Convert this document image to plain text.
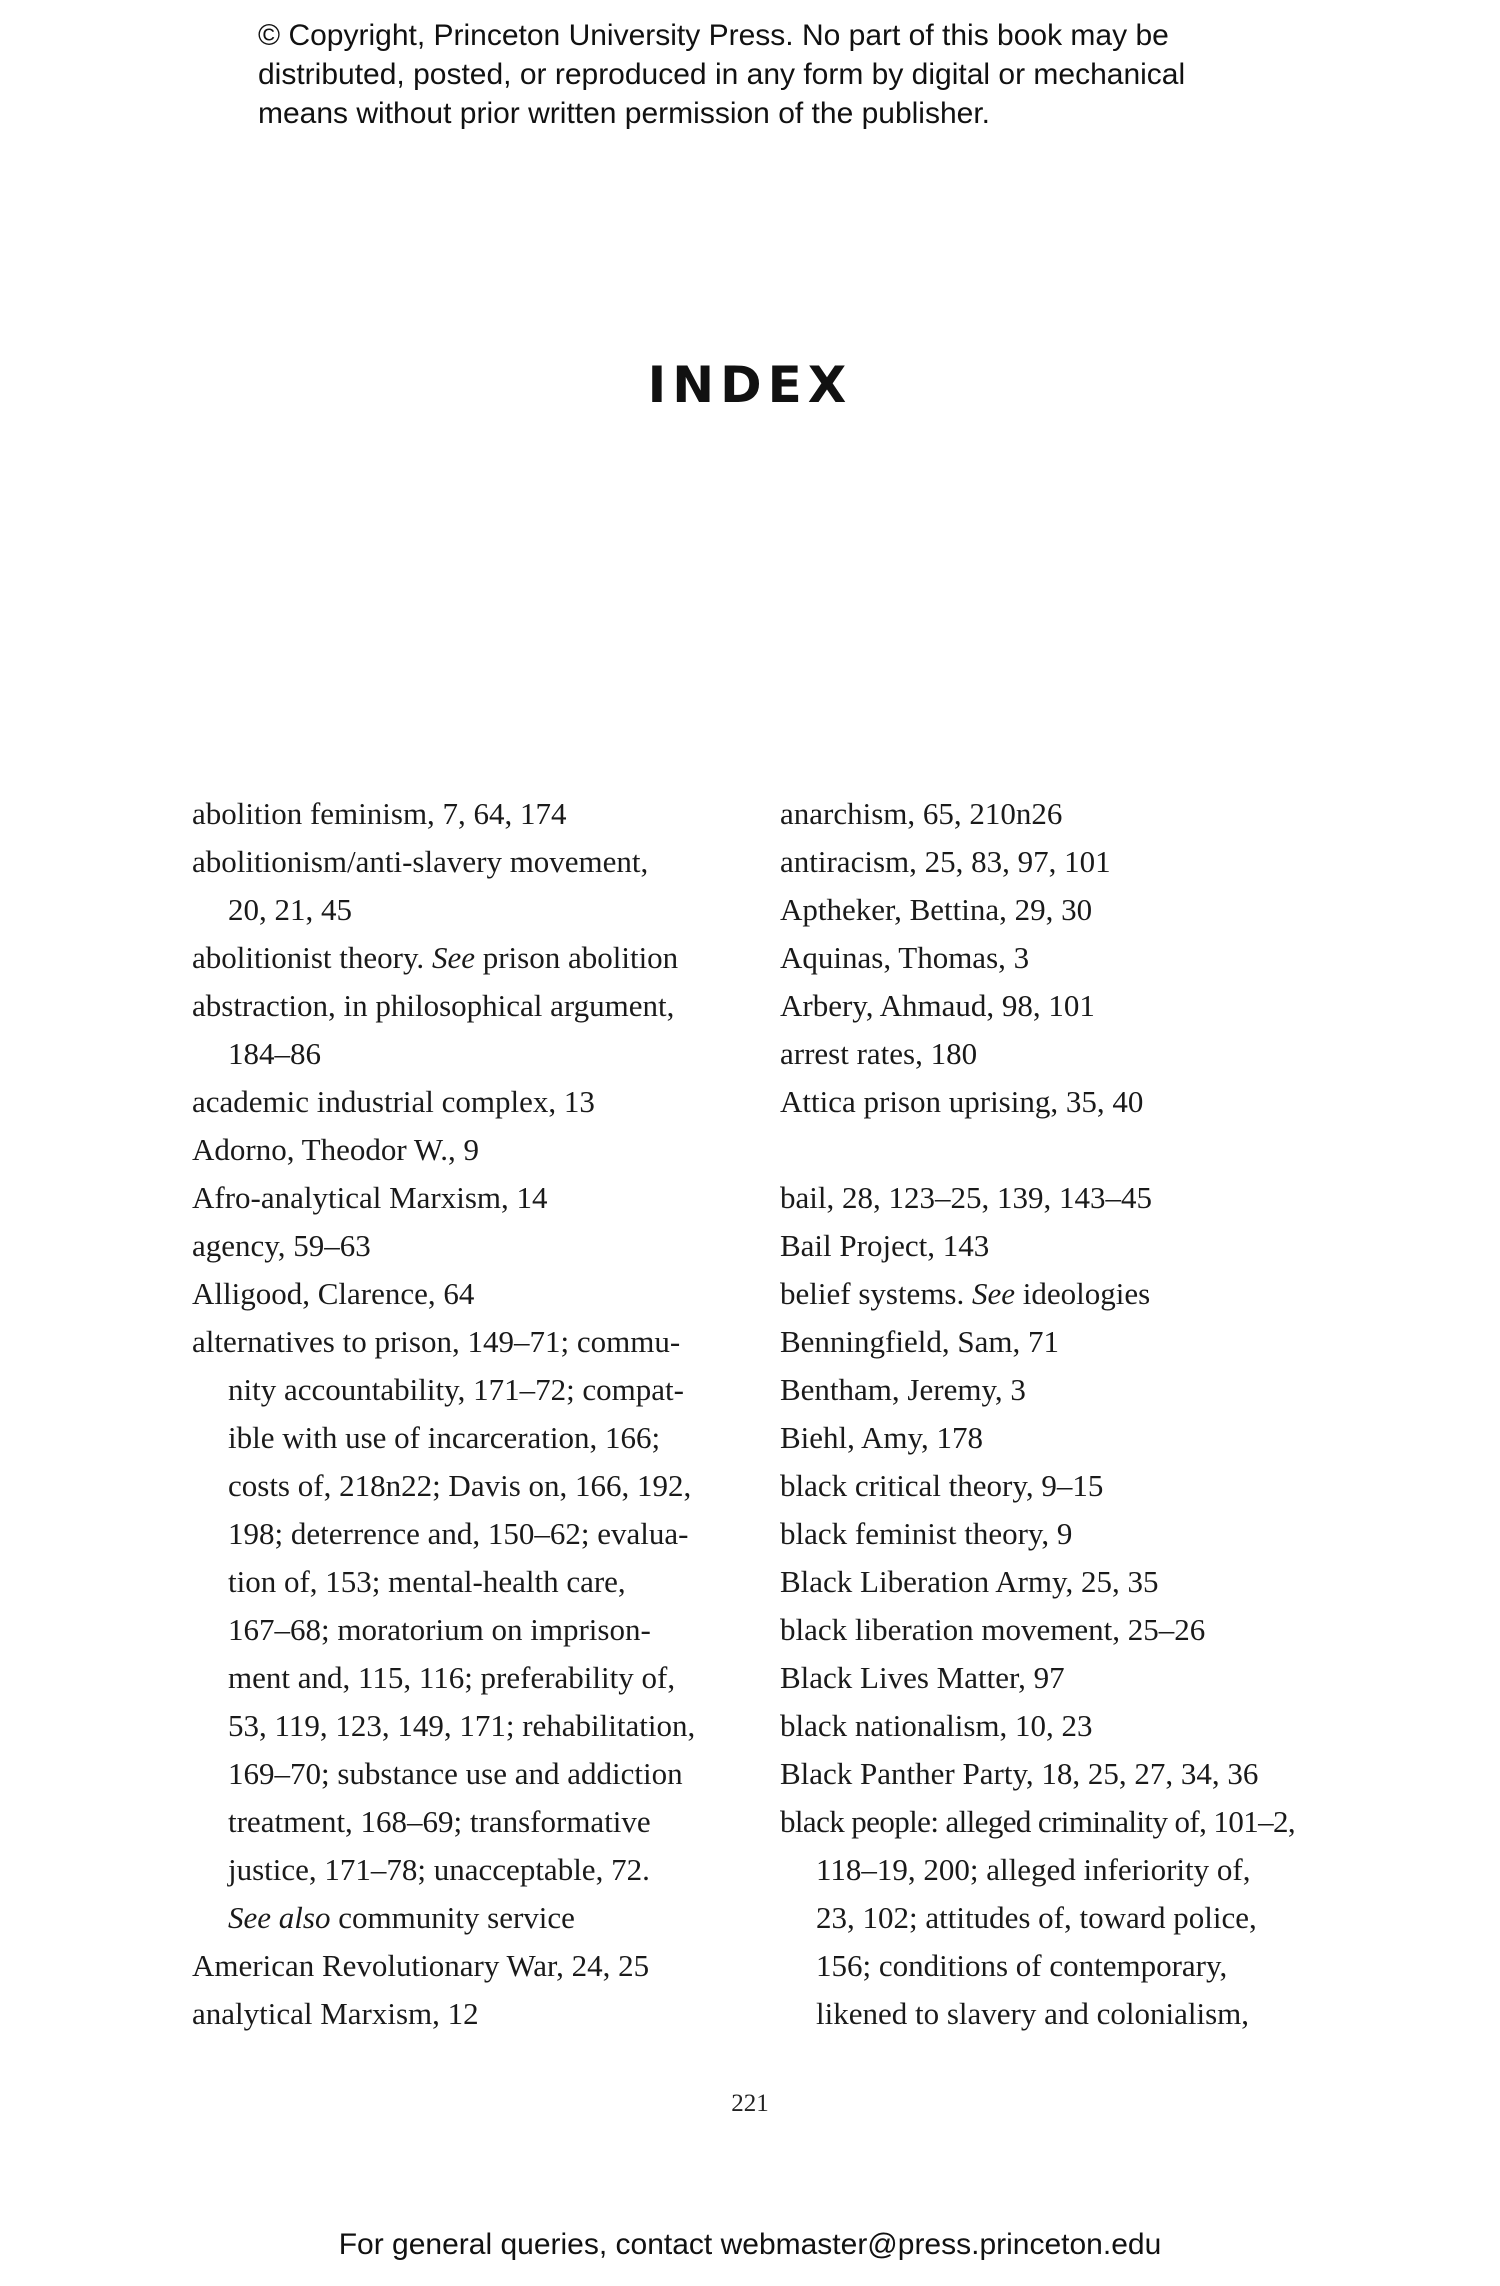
© Copyright, Princeton University Press. No part of this book may be
distributed, posted, or reproduced in any form by digital or mechanical
means without prior written permission of the publisher.
INDEX
abolition feminism, 7, 64, 174
abolitionism/anti-slavery movement,
20, 21, 45
abolitionist theory. See prison abolition
abstraction, in philosophical argument,
184–86
academic industrial complex, 13
Adorno, Theodor W., 9
Afro-analytical Marxism, 14
agency, 59–63
Alligood, Clarence, 64
alternatives to prison, 149–71; commu-
nity accountability, 171–72; compat-
ible with use of incarceration, 166;
costs of, 218n22; Davis on, 166, 192,
198; deterrence and, 150–62; evalua-
tion of, 153; mental-health care,
167–68; moratorium on imprison-
ment and, 115, 116; preferability of,
53, 119, 123, 149, 171; rehabilitation,
169–70; substance use and addiction
treatment, 168–69; transformative
justice, 171–78; unacceptable, 72.
See also community service
American Revolutionary War, 24, 25
analytical Marxism, 12
anarchism, 65, 210n26
antiracism, 25, 83, 97, 101
Aptheker, Bettina, 29, 30
Aquinas, Thomas, 3
Arbery, Ahmaud, 98, 101
arrest rates, 180
Attica prison uprising, 35, 40
bail, 28, 123–25, 139, 143–45
Bail Project, 143
belief systems. See ideologies
Benningfield, Sam, 71
Bentham, Jeremy, 3
Biehl, Amy, 178
black critical theory, 9–15
black feminist theory, 9
Black Liberation Army, 25, 35
black liberation movement, 25–26
Black Lives Matter, 97
black nationalism, 10, 23
Black Panther Party, 18, 25, 27, 34, 36
black people: alleged criminality of, 101–2,
118–19, 200; alleged inferiority of,
23, 102; attitudes of, toward police,
156; conditions of contemporary,
likened to slavery and colonialism,
221
For general queries, contact webmaster@press.princeton.edu
